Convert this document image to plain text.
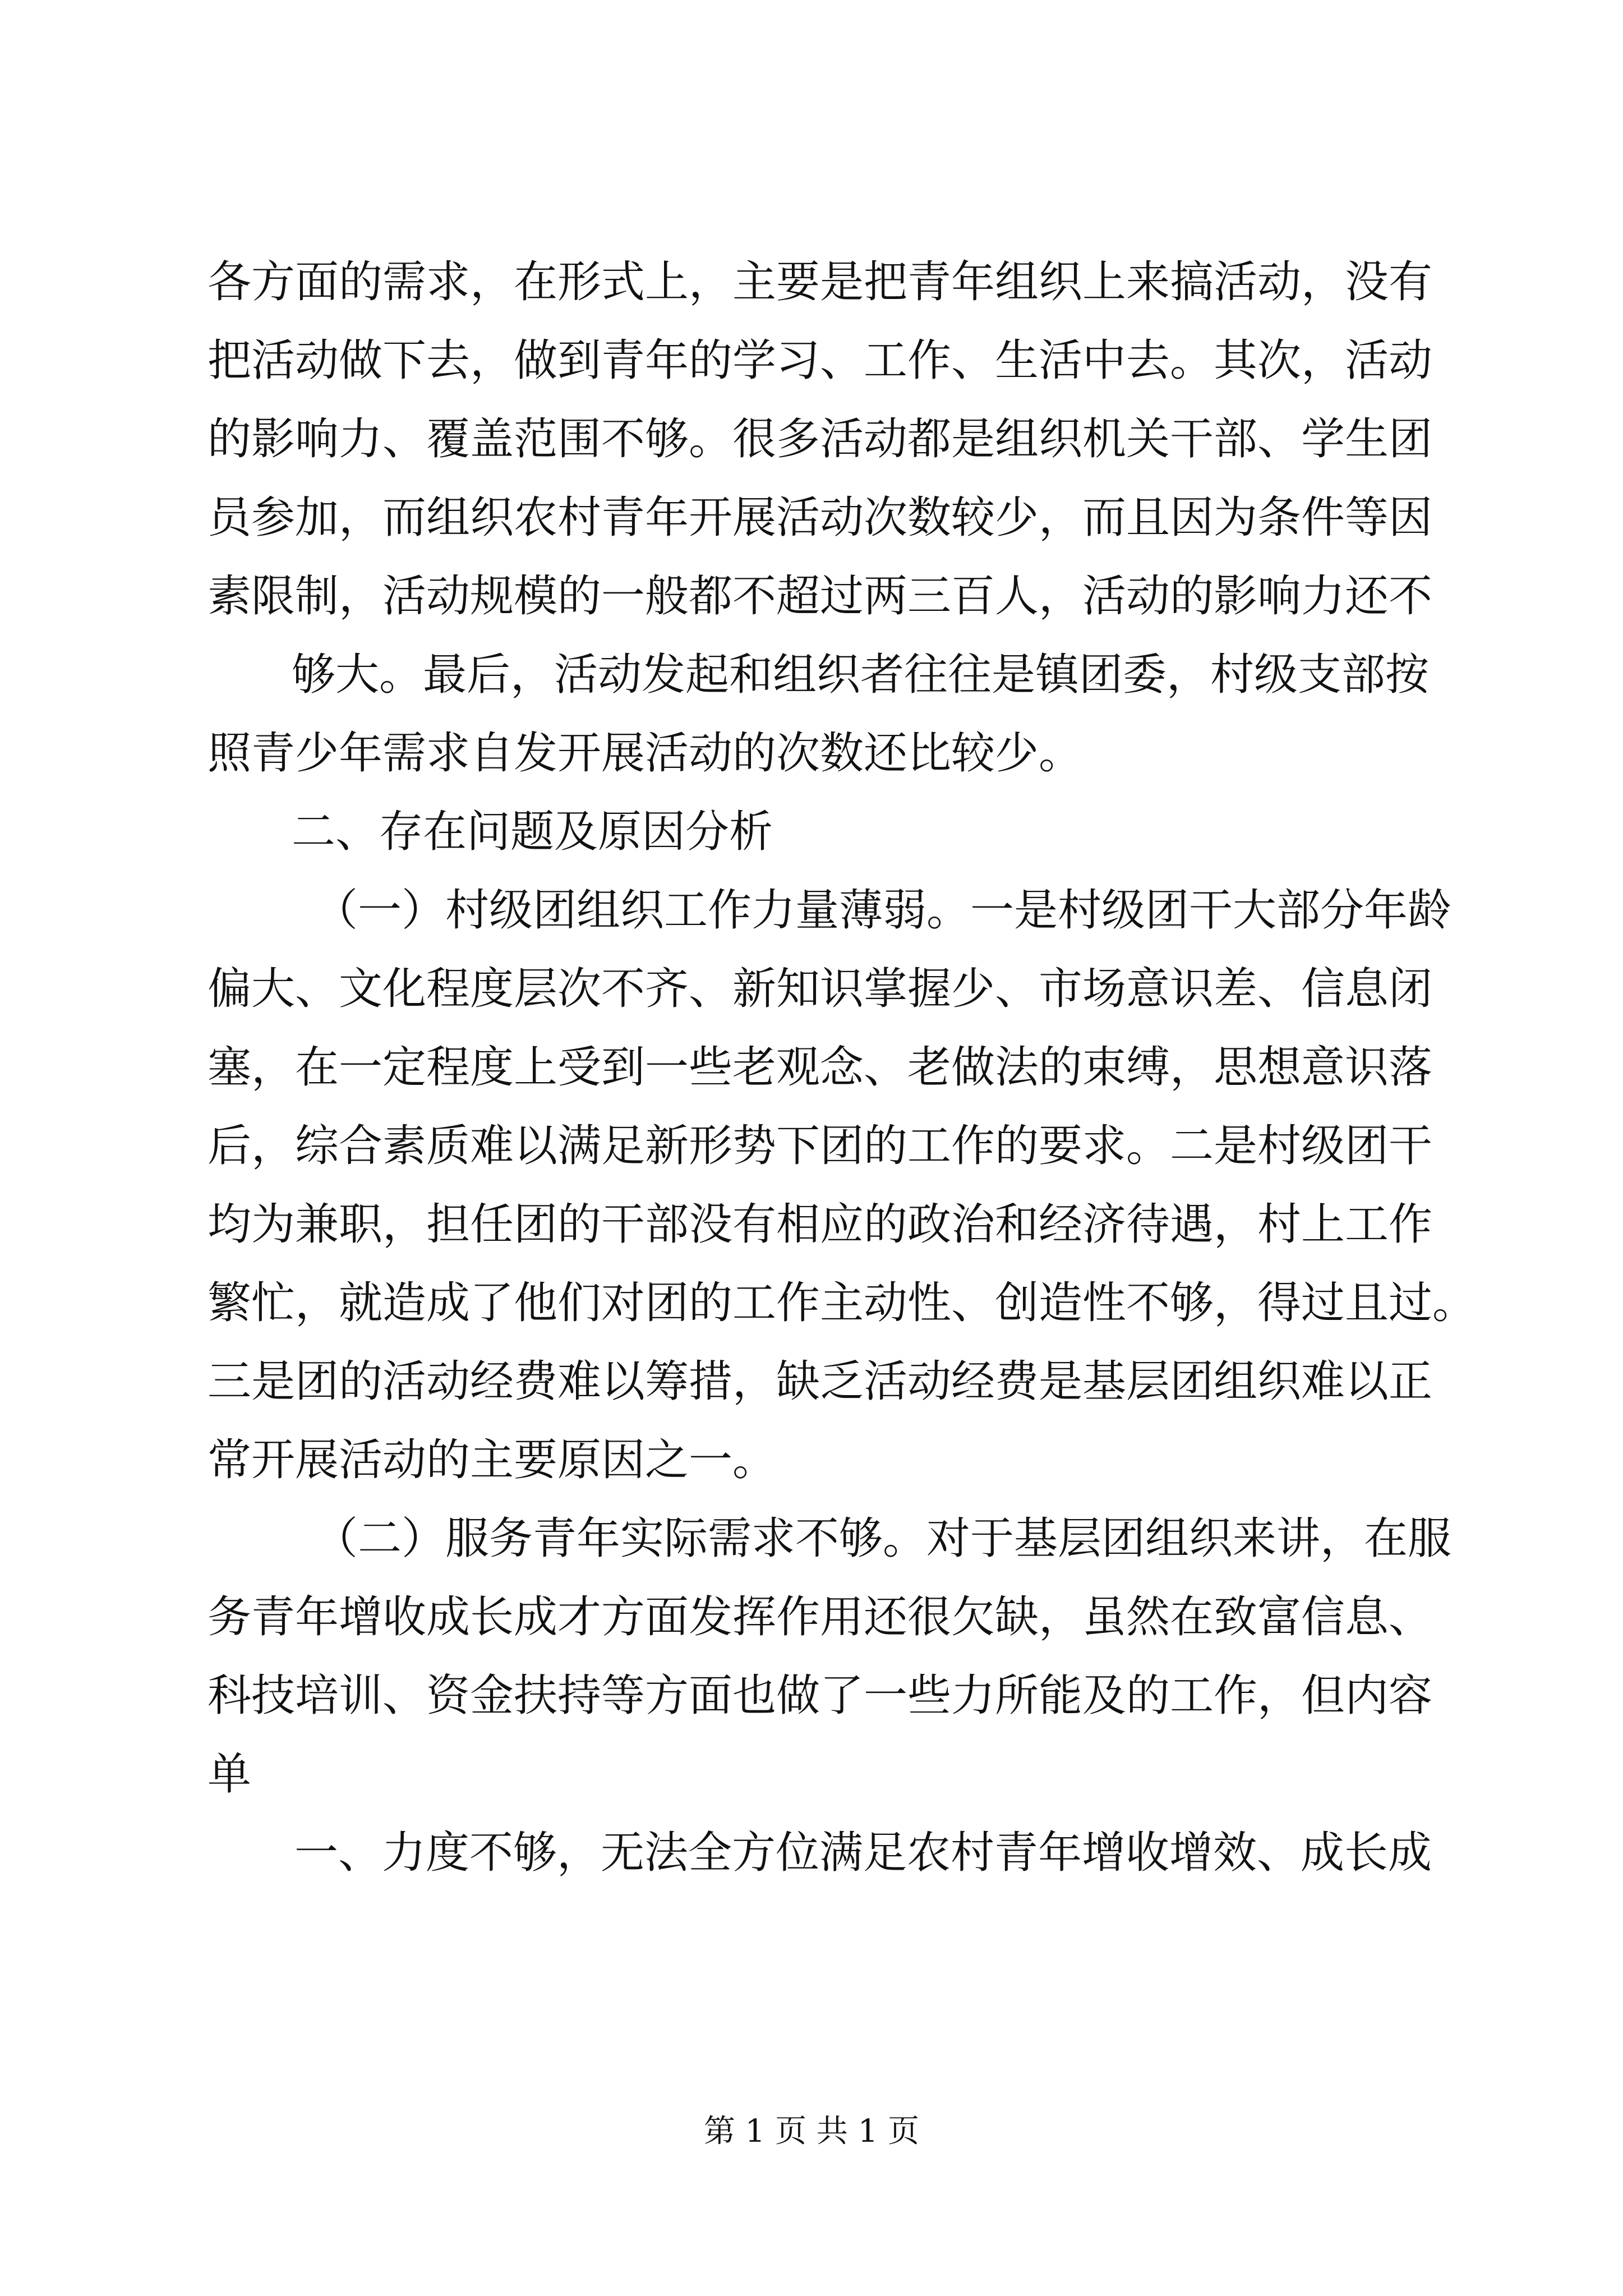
各方面的需求，在形式上，主要是把青年组织上来搞活动，没有
把活动做下去，做到青年的学习、工作、生活中去。其次，活动
的影响力、覆盖范围不够。很多活动都是组织机关干部、学生团
员参加，而组织农村青年开展活动次数较少，而且因为条件等因
素限制，活动规模的一般都不超过两三百人，活动的影响力还不
够大。最后，活动发起和组织者往往是镇团委，村级支部按
照青少年需求自发开展活动的次数还比较少。
二、存在问题及原因分析
（一）村级团组织工作力量薄弱。一是村级团干大部分年龄
偏大、文化程度层次不齐、新知识掌握少、市场意识差、信息闭
塞，在一定程度上受到一些老观念、老做法的束缚，思想意识落
后，综合素质难以满足新形势下团的工作的要求。二是村级团干
均为兼职，担任团的干部没有相应的政治和经济待遇，村上工作
繁忙，就造成了他们对团的工作主动性、创造性不够，得过且过。
三是团的活动经费难以筹措，缺乏活动经费是基层团组织难以正
常开展活动的主要原因之一。
（二）服务青年实际需求不够。对于基层团组织来讲，在服
务青年增收成长成才方面发挥作用还很欠缺，虽然在致富信息、
科技培训、资金扶持等方面也做了一些力所能及的工作，但内容
单
一、力度不够，无法全方位满足农村青年增收增效、成长成
第 1 页 共 1 页
